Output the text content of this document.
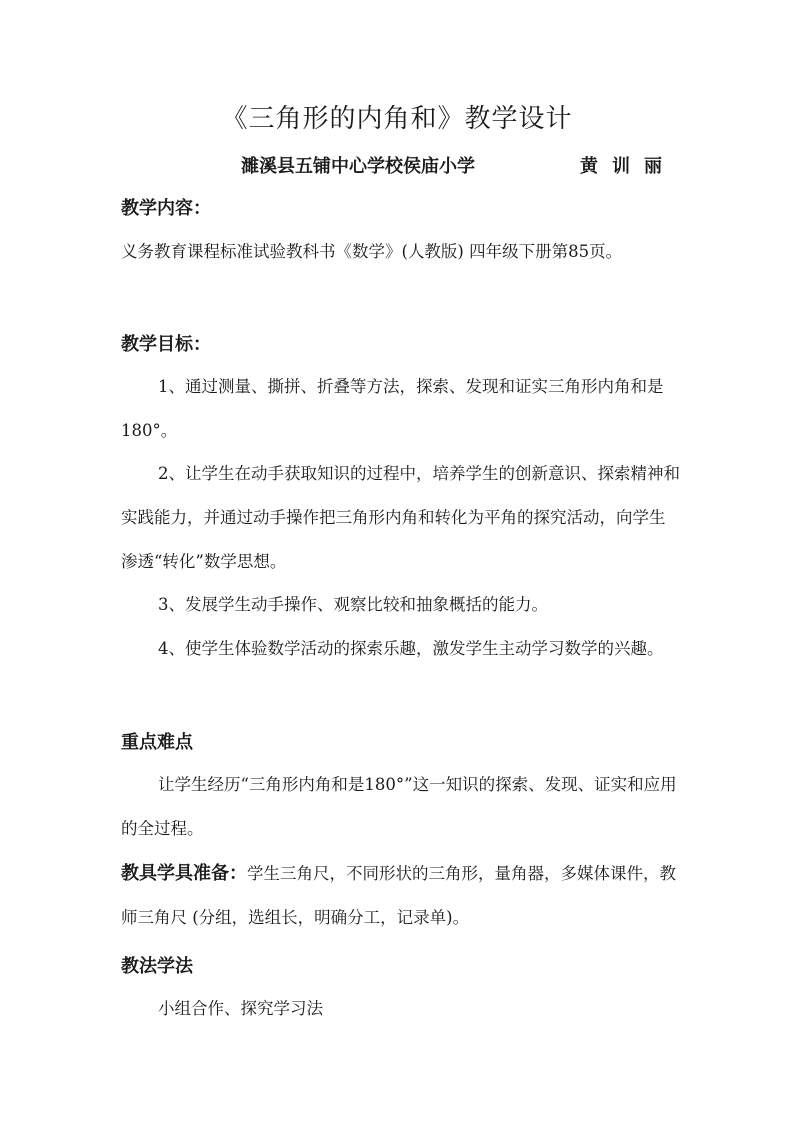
《三角形的内角和》教学设计
濉溪县五铺中心学校侯庙小学	黄训丽
教学内容：

义务教育课程标准试验教科书《数学》(人教版) 四年级下册第85页。

教学目标：

1、通过测量、撕拼、折叠等方法，探索、发现和证实三角形内角和是180°。

2、让学生在动手获取知识的过程中，培养学生的创新意识、探索精神和实践能力，并通过动手操作把三角形内角和转化为平角的探究活动，向学生渗透“转化”数学思想。

3、发展学生动手操作、观察比较和抽象概括的能力。

4、使学生体验数学活动的探索乐趣，激发学生主动学习数学的兴趣。

重点难点

让学生经历“三角形内角和是180°”这一知识的探索、发现、证实和应用的全过程。

教具学具准备：学生三角尺，不同形状的三角形，量角器，多媒体课件，教师三角尺 (分组，选组长，明确分工，记录单)。

教法学法

小组合作、探究学习法
